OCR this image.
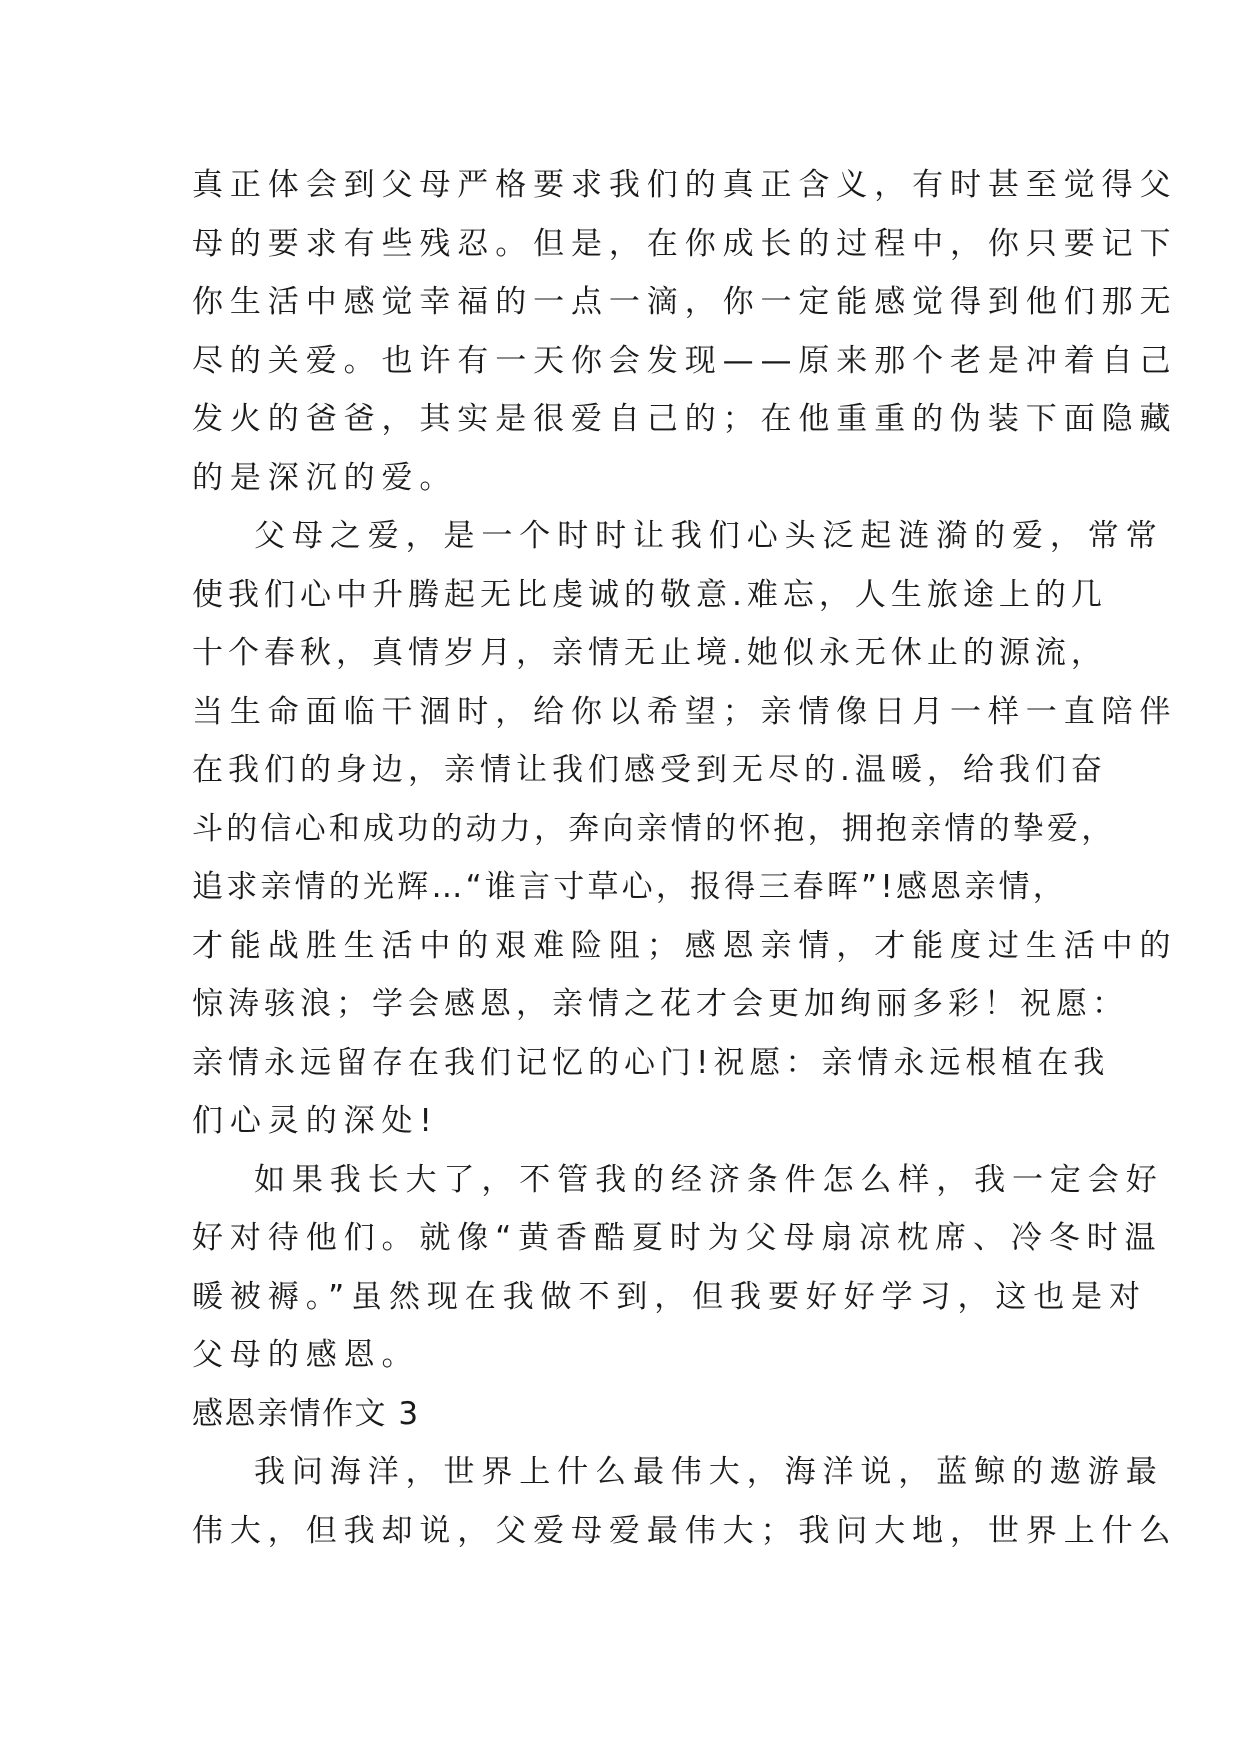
真正体会到父母严格要求我们的真正含义，有时甚至觉得父
母的要求有些残忍。但是，在你成长的过程中，你只要记下
你生活中感觉幸福的一点一滴，你一定能感觉得到他们那无
尽的关爱。也许有一天你会发现——原来那个老是冲着自己
发火的爸爸，其实是很爱自己的；在他重重的伪装下面隐藏
的是深沉的爱。

父母之爱，是一个时时让我们心头泛起涟漪的爱，常常
使我们心中升腾起无比虔诚的敬意.难忘，人生旅途上的几
十个春秋，真情岁月，亲情无止境.她似永无休止的源流，
当生命面临干涸时，给你以希望；亲情像日月一样一直陪伴
在我们的身边，亲情让我们感受到无尽的.温暖，给我们奋
斗的信心和成功的动力，奔向亲情的怀抱，拥抱亲情的挚爱，
追求亲情的光辉…“谁言寸草心，报得三春晖”!感恩亲情，
才能战胜生活中的艰难险阻；感恩亲情，才能度过生活中的
惊涛骇浪；学会感恩，亲情之花才会更加绚丽多彩！祝愿：
亲情永远留存在我们记忆的心门!祝愿：亲情永远根植在我
们心灵的深处!

如果我长大了，不管我的经济条件怎么样，我一定会好
好对待他们。就像“黄香酷夏时为父母扇凉枕席、冷冬时温
暖被褥。”虽然现在我做不到，但我要好好学习，这也是对
父母的感恩。

感恩亲情作文 3

我问海洋，世界上什么最伟大，海洋说，蓝鲸的遨游最
伟大，但我却说，父爱母爱最伟大；我问大地，世界上什么
